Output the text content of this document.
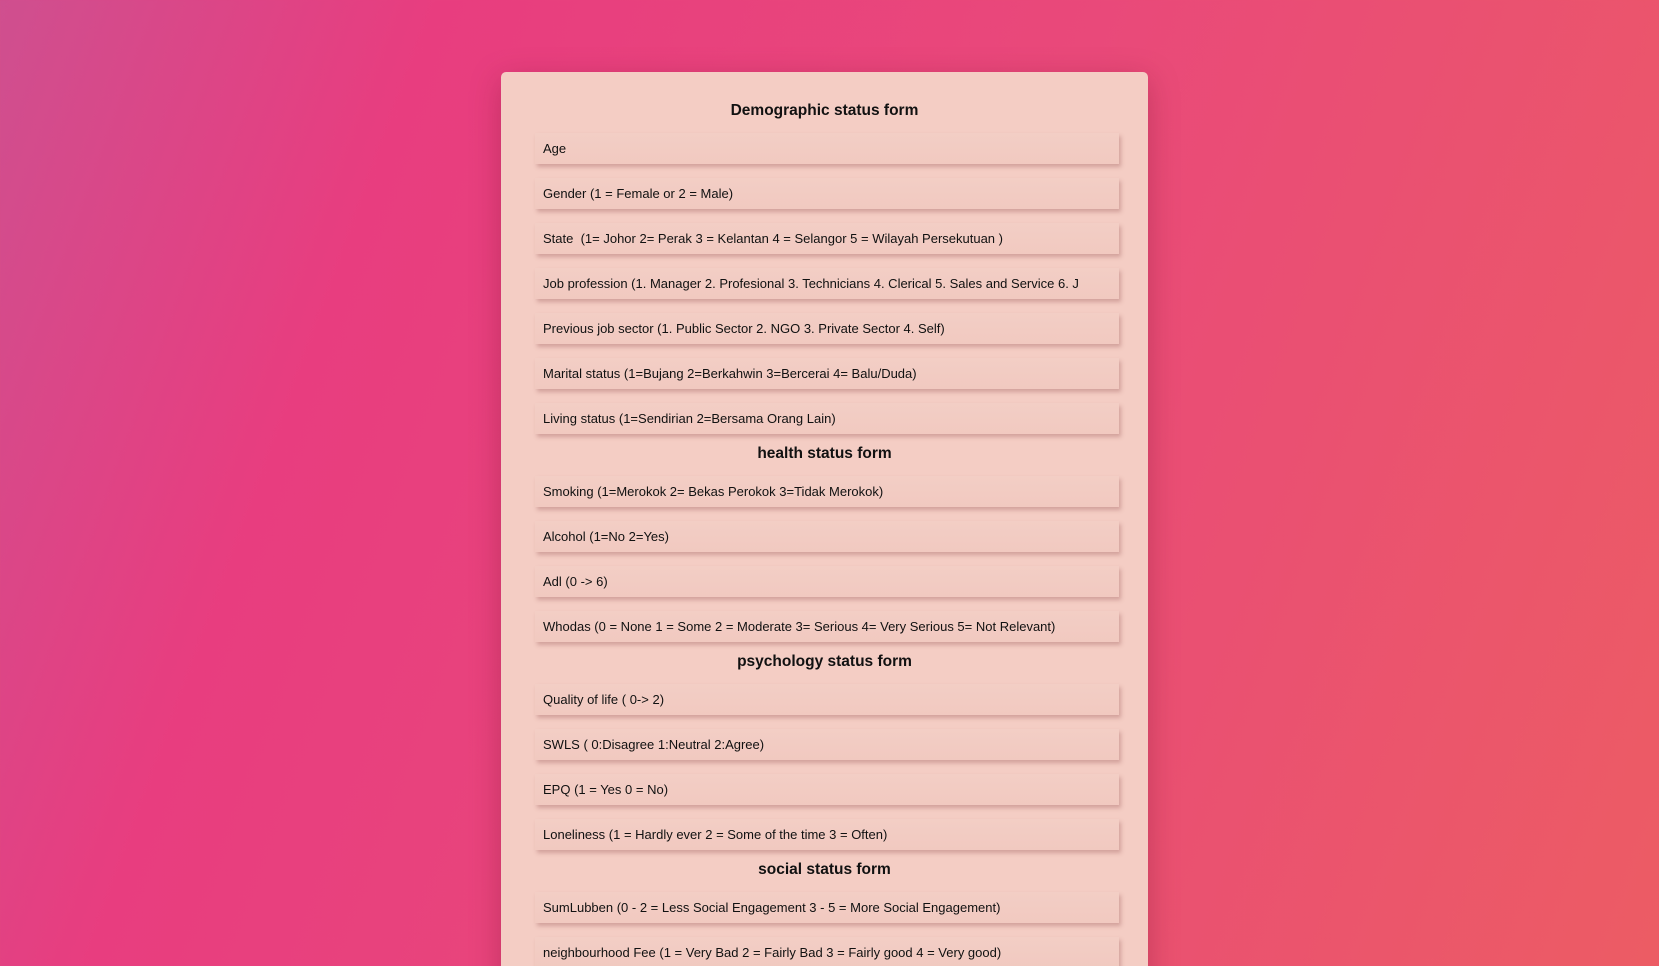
Demographic status form
Age
Gender (1 = Female or 2 = Male)
State (1= Johor 2= Perak 3 = Kelantan 4 = Selangor 5 = Wilayah Persekutuan )
Job profession (1. Manager 2. Profesional 3. Technicians 4. Clerical 5. Sales and Service 6. J
Previous job sector (1. Public Sector 2. NGO 3. Private Sector 4. Self)
Marital status (1=Bujang 2=Berkahwin 3=Bercerai 4= Balu/Duda)
Living status (1=Sendirian 2=Bersama Orang Lain)
health status form
Smoking (1=Merokok 2= Bekas Perokok 3=Tidak Merokok)
Alcohol (1=No 2=Yes)
Adl (0 -> 6)
Whodas (0 = None 1 = Some 2 = Moderate 3= Serious 4= Very Serious 5= Not Relevant)
psychology status form
Quality of life ( 0-> 2)
SWLS ( 0:Disagree 1:Neutral 2:Agree)
EPQ (1 = Yes 0 = No)
Loneliness (1 = Hardly ever 2 = Some of the time 3 = Often)
social status form
SumLubben (0 - 2 = Less Social Engagement 3 - 5 = More Social Engagement)
neighbourhood Fee (1 = Very Bad 2 = Fairly Bad 3 = Fairly good 4 = Very good)
